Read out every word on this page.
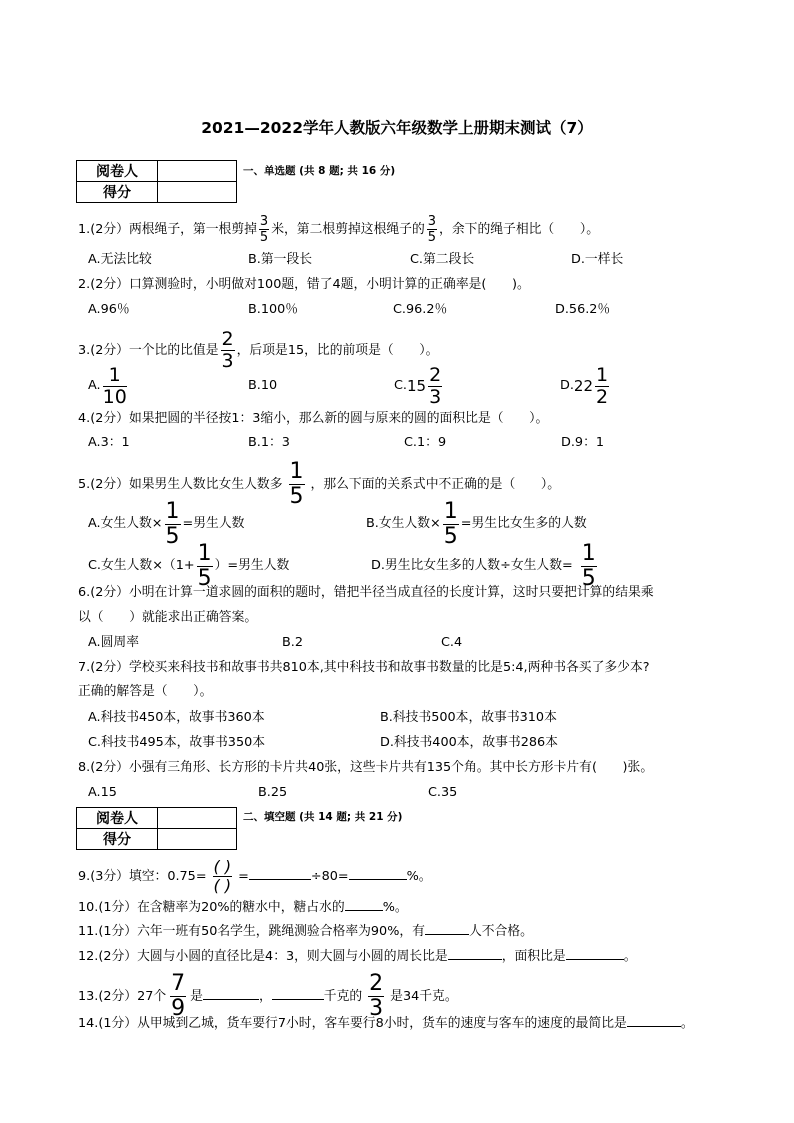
2021—2022学年人教版六年级数学上册期末测试（7）
阅卷人	
得分	
一、单选题 (共 8 题; 共 16 分)
1.(2分）两根绳子，第一根剪掉 $\frac{3}{5}$ 米，第二根剪掉这根绳子的 $\frac{3}{5}$ ，余下的绳子相比（　　）。
A.无法比较	B.第一段长	C.第二段长	D.一样长
2.(2分）口算测验时，小明做对100题，错了4题，小明计算的正确率是(　　)。
A.96％	B.100％	C.96.2％	D.56.2％
3.(2分）一个比的比值是 $\frac{2}{3}$ ，后项是15，比的前项是（　　）。
A. $\frac{1}{10}$	B.10	$C.15 \frac{2}{3}$	$D.22 \frac{1}{2}$
4.(2分）如果把圆的半径按1：3缩小，那么新的圆与原来的圆的面积比是（　　）。
A.3：1	B.1：3	C.1：9	D.9：1
5.(2分）如果男生人数比女生人数多 $\frac{1}{5}$ ，那么下面的关系式中不正确的是（　　）。
A.女生人数× $\frac{1}{5}$ =男生人数	B.女生人数× $\frac{1}{5}$ =男生比女生多的人数
C.女生人数$\times(1+ \frac{1}{5}$ ）=男生人数	D.男生比女生多的人数÷女生人数= $\frac{1}{5}$
6.(2分）小明在计算一道求圆的面积的题时，错把半径当成直径的长度计算，这时只要把计算的结果乘
以（　　）就能求出正确答案。
A.圆周率	B.2	C.4
7.(2分）学校买来科技书和故事书共810本,其中科技书和故事书数量的比是5:4,两种书各买了多少本?
正确的解答是（　　）。
A.科技书450本，故事书360本	B.科技书500本，故事书310本
C.科技书495本，故事书350本	D.科技书400本，故事书286本
8.(2分）小强有三角形、长方形的卡片共40张，这些卡片共有135个角。其中长方形卡片有(　　)张。
A.15	B.25	C.35
阅卷人	
得分	
二、填空题 (共 14 题; 共 21 分)
9.(3分）填空：$0.75= \frac{( )}{( )}$ =	÷80=	%。
10.(1分）在含糖率为20%的糖水中，糖占水的	%。
11.(1分）六年一班有50名学生，跳绳测验合格率为90%，有	人不合格。
12.(2分）大圆与小圆的直径比是4：3，则大圆与小圆的周长比是	，面积比是	。
13.(2分）27个 $\frac{7}{9}$ 是	，	千克的 $\frac{2}{3}$ 是34千克。
14.(1分）从甲城到乙城，货车要行7小时，客车要行8小时，货车的速度与客车的速度的最简比是	。
